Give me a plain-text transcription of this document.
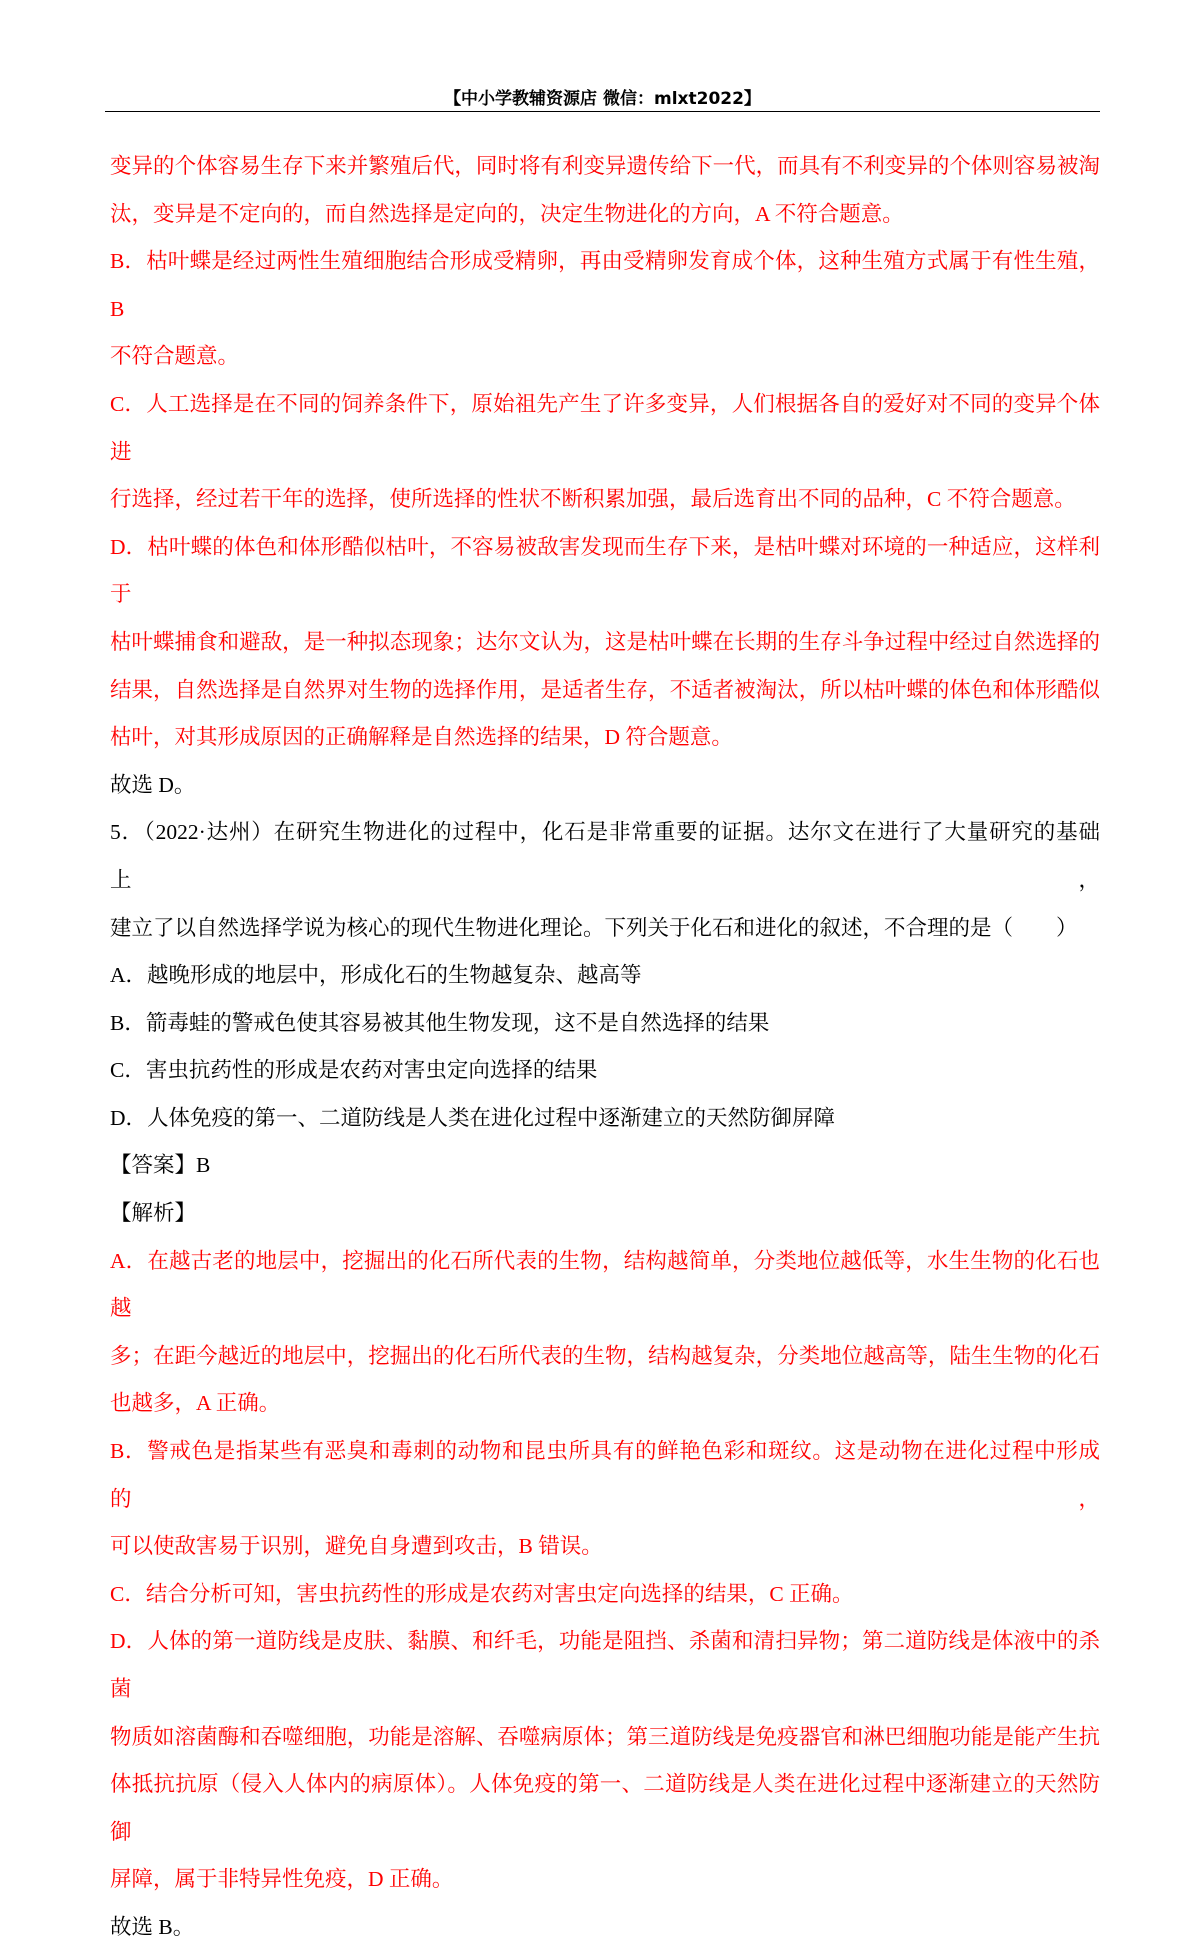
【中小学教辅资源店 微信：mlxt2022】

变异的个体容易生存下来并繁殖后代，同时将有利变异遗传给下一代，而具有不利变异的个体则容易被淘

汰，变异是不定向的，而自然选择是定向的，决定生物进化的方向，A 不符合题意。

B．枯叶蝶是经过两性生殖细胞结合形成受精卵，再由受精卵发育成个体，这种生殖方式属于有性生殖，B

不符合题意。

C．人工选择是在不同的饲养条件下，原始祖先产生了许多变异，人们根据各自的爱好对不同的变异个体进

行选择，经过若干年的选择，使所选择的性状不断积累加强，最后选育出不同的品种，C 不符合题意。

D．枯叶蝶的体色和体形酷似枯叶，不容易被敌害发现而生存下来，是枯叶蝶对环境的一种适应，这样利于

枯叶蝶捕食和避敌，是一种拟态现象；达尔文认为，这是枯叶蝶在长期的生存斗争过程中经过自然选择的

结果，自然选择是自然界对生物的选择作用，是适者生存，不适者被淘汰，所以枯叶蝶的体色和体形酷似

枯叶，对其形成原因的正确解释是自然选择的结果，D 符合题意。

故选 D。

5．（2022·达州）在研究生物进化的过程中，化石是非常重要的证据。达尔文在进行了大量研究的基础上，

建立了以自然选择学说为核心的现代生物进化理论。下列关于化石和进化的叙述，不合理的是（　　）

A．越晚形成的地层中，形成化石的生物越复杂、越高等

B．箭毒蛙的警戒色使其容易被其他生物发现，这不是自然选择的结果

C．害虫抗药性的形成是农药对害虫定向选择的结果

D．人体免疫的第一、二道防线是人类在进化过程中逐渐建立的天然防御屏障

【答案】B

【解析】

A．在越古老的地层中，挖掘出的化石所代表的生物，结构越简单，分类地位越低等，水生生物的化石也越

多；在距今越近的地层中，挖掘出的化石所代表的生物，结构越复杂，分类地位越高等，陆生生物的化石

也越多，A 正确。

B．警戒色是指某些有恶臭和毒刺的动物和昆虫所具有的鲜艳色彩和斑纹。这是动物在进化过程中形成的，

可以使敌害易于识别，避免自身遭到攻击，B 错误。

C．结合分析可知，害虫抗药性的形成是农药对害虫定向选择的结果，C 正确。

D．人体的第一道防线是皮肤、黏膜、和纤毛，功能是阻挡、杀菌和清扫异物；第二道防线是体液中的杀菌

物质如溶菌酶和吞噬细胞，功能是溶解、吞噬病原体；第三道防线是免疫器官和淋巴细胞功能是能产生抗

体抵抗抗原（侵入人体内的病原体）。人体免疫的第一、二道防线是人类在进化过程中逐渐建立的天然防御

屏障，属于非特异性免疫，D 正确。

故选 B。
